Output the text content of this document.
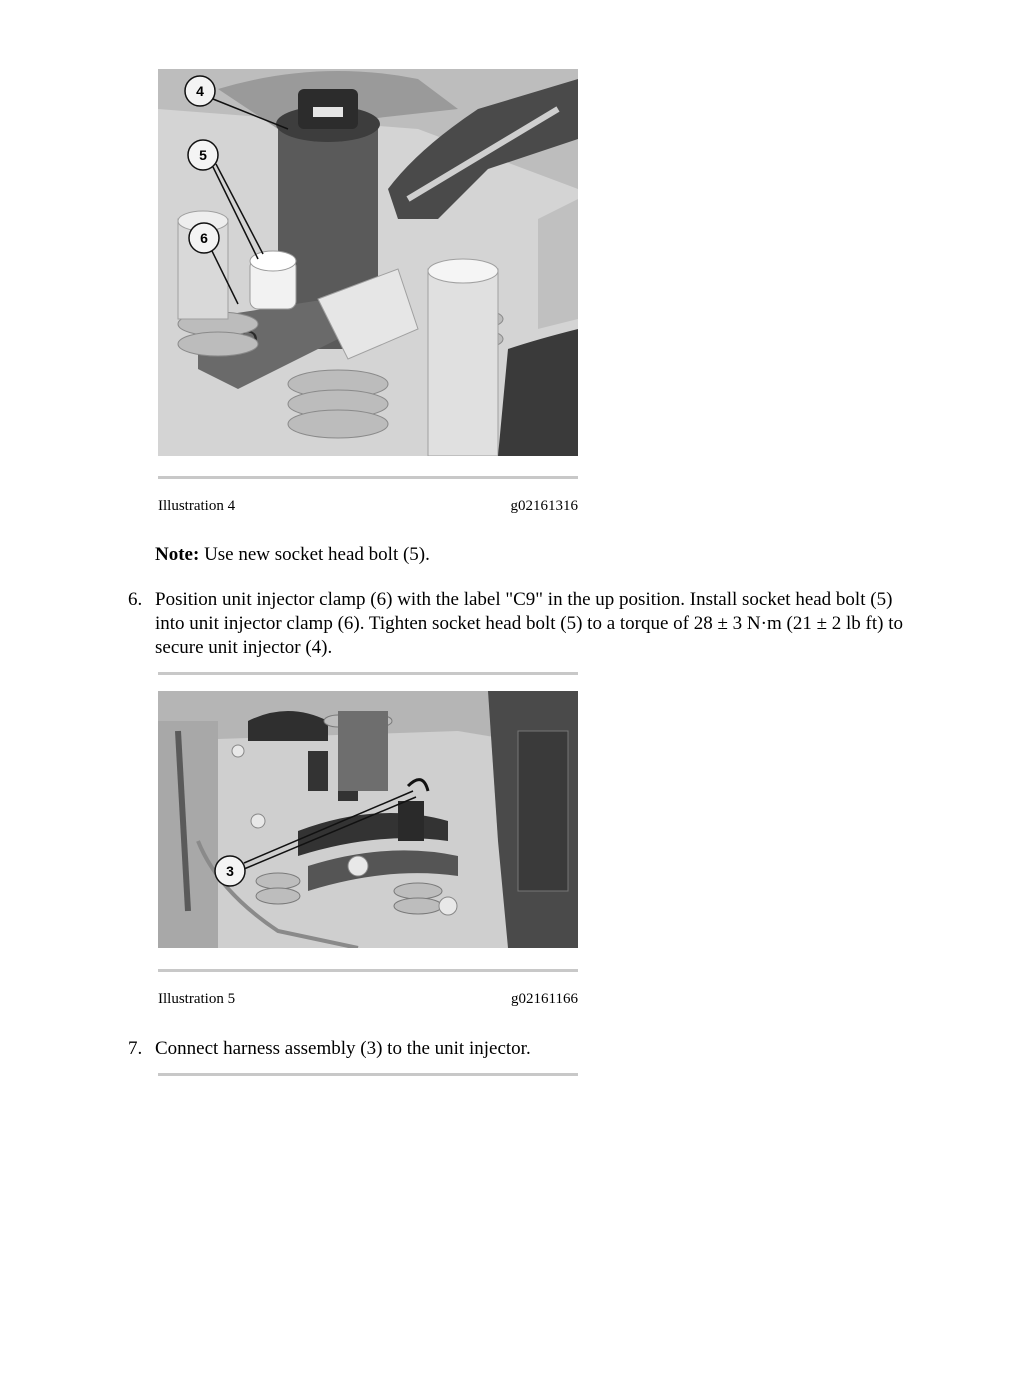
4
5
6
Illustration 4	g02161316
Note: Use new socket head bolt (5).
6. Position unit injector clamp (6) with the label "C9" in the up position. Install socket head bolt (5) into unit injector clamp (6). Tighten socket head bolt (5) to a torque of 28 ± 3 N·m (21 ± 2 lb ft) to secure unit injector (4).
3
Illustration 5	g02161166
7. Connect harness assembly (3) to the unit injector.
